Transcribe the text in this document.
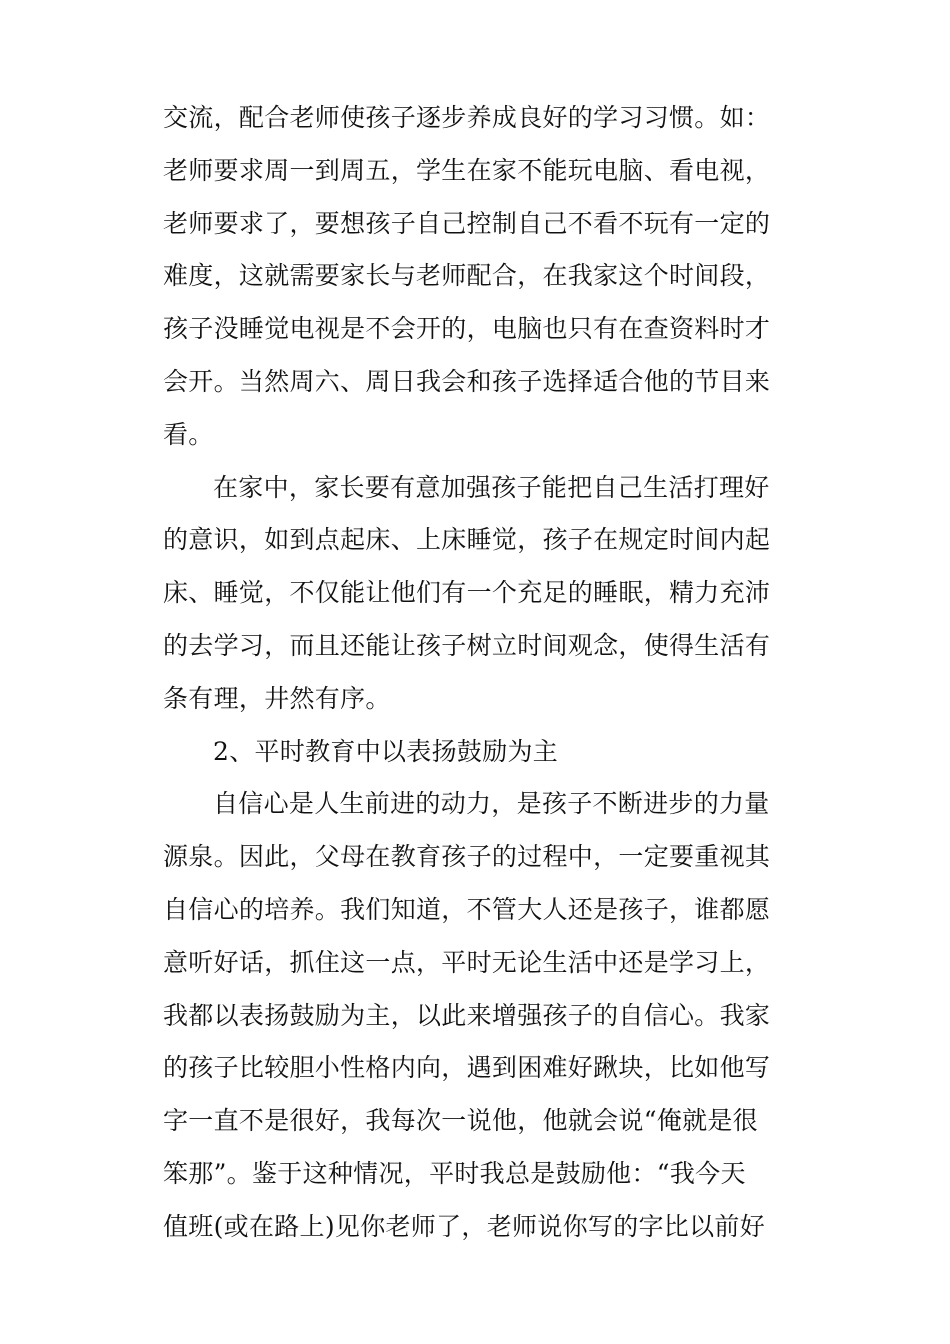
交流，配合老师使孩子逐步养成良好的学习习惯。如：
老师要求周一到周五，学生在家不能玩电脑、看电视，
老师要求了，要想孩子自己控制自己不看不玩有一定的
难度，这就需要家长与老师配合，在我家这个时间段，
孩子没睡觉电视是不会开的，电脑也只有在查资料时才
会开。当然周六、周日我会和孩子选择适合他的节目来
看。
在家中，家长要有意加强孩子能把自己生活打理好
的意识，如到点起床、上床睡觉，孩子在规定时间内起
床、睡觉，不仅能让他们有一个充足的睡眠，精力充沛
的去学习，而且还能让孩子树立时间观念，使得生活有
条有理，井然有序。
2、平时教育中以表扬鼓励为主
自信心是人生前进的动力，是孩子不断进步的力量
源泉。因此，父母在教育孩子的过程中，一定要重视其
自信心的培养。我们知道，不管大人还是孩子，谁都愿
意听好话，抓住这一点，平时无论生活中还是学习上，
我都以表扬鼓励为主，以此来增强孩子的自信心。我家
的孩子比较胆小性格内向，遇到困难好踿块，比如他写
字一直不是很好，我每次一说他，他就会说“俺就是很
笨那”。鉴于这种情况，平时我总是鼓励他：“我今天
值班(或在路上)见你老师了，老师说你写的字比以前好
